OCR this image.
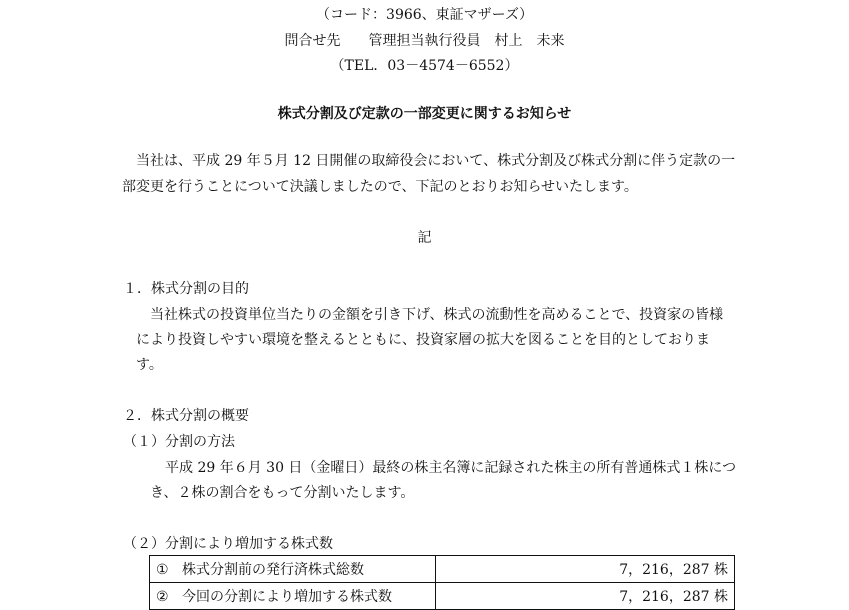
（コード：3966、東証マザーズ）
問合せ先　　管理担当執行役員　村上　未来
（TEL．03－4574－6552）
株式分割及び定款の一部変更に関するお知らせ
当社は、平成 29 年５月 12 日開催の取締役会において、株式分割及び株式分割に伴う定款の一
部変更を行うことについて決議しましたので、下記のとおりお知らせいたします。
記
１．株式分割の目的
当社株式の投資単位当たりの金額を引き下げ、株式の流動性を高めることで、投資家の皆様
により投資しやすい環境を整えるとともに、投資家層の拡大を図ることを目的としておりま
す。
２．株式分割の概要
（１）分割の方法
平成 29 年６月 30 日（金曜日）最終の株主名簿に記録された株主の所有普通株式１株につ
き、２株の割合をもって分割いたします。
（２）分割により増加する株式数
① 株式分割前の発行済株式総数	7，216，287 株
② 今回の分割により増加する株式数	7，216，287 株
